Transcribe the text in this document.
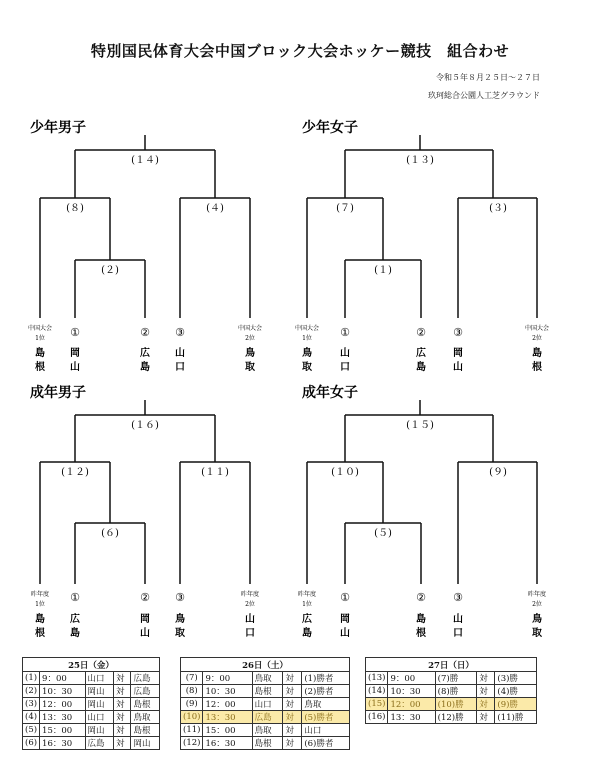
特別国民体育大会中国ブロック大会ホッケー競技　組合わせ
令和５年８月２５日～２７日
玖珂総合公園人工芝グラウンド
少年男子
(１４)
(８)	(４)
(２)
中国大会
1位
中国大会
2位
①	② ③
島
根
岡
山
広
島
山
口
鳥
取
少年女子
(１３)
(７)	(３)
(１)
中国大会
1位
中国大会
2位
①	② ③
鳥
取
山
口
広
島
岡
山
島
根
成年男子
(１６)
(１２)	(１１)
(６)
昨年度
1位
昨年度
2位
①	② ③
島
根
広
島
岡
山
鳥
取
山
口
成年女子
(１５)
(１０)	(９)
(５)
昨年度
1位
昨年度
2位
①	② ③
広
島
岡
山
島
根
山
口
鳥
取
25日（金）				
(1)	9：00	山口	対	広島
(2)	10：30	岡山	対	広島
(3)	12：00	岡山	対	島根
(4)	13：30	山口	対	鳥取
(5)	15：00	岡山	対	島根
(6)	16：30	広島	対	岡山
26日（土）				
(7)	9：00	鳥取	対	(1)勝者
(8)	10：30	島根	対	(2)勝者
(9)	12：00	山口	対	鳥取
(10)	13：30	広島	対	(5)勝者
(11)	15：00	鳥取	対	山口
(12)	16：30	島根	対	(6)勝者
27日（日）				
(13)	9：00	(7)勝	対	(3)勝
(14)	10：30	(8)勝	対	(4)勝
(15)	12：00	(10)勝	対	(9)勝
(16)	13：30	(12)勝	対	(11)勝
